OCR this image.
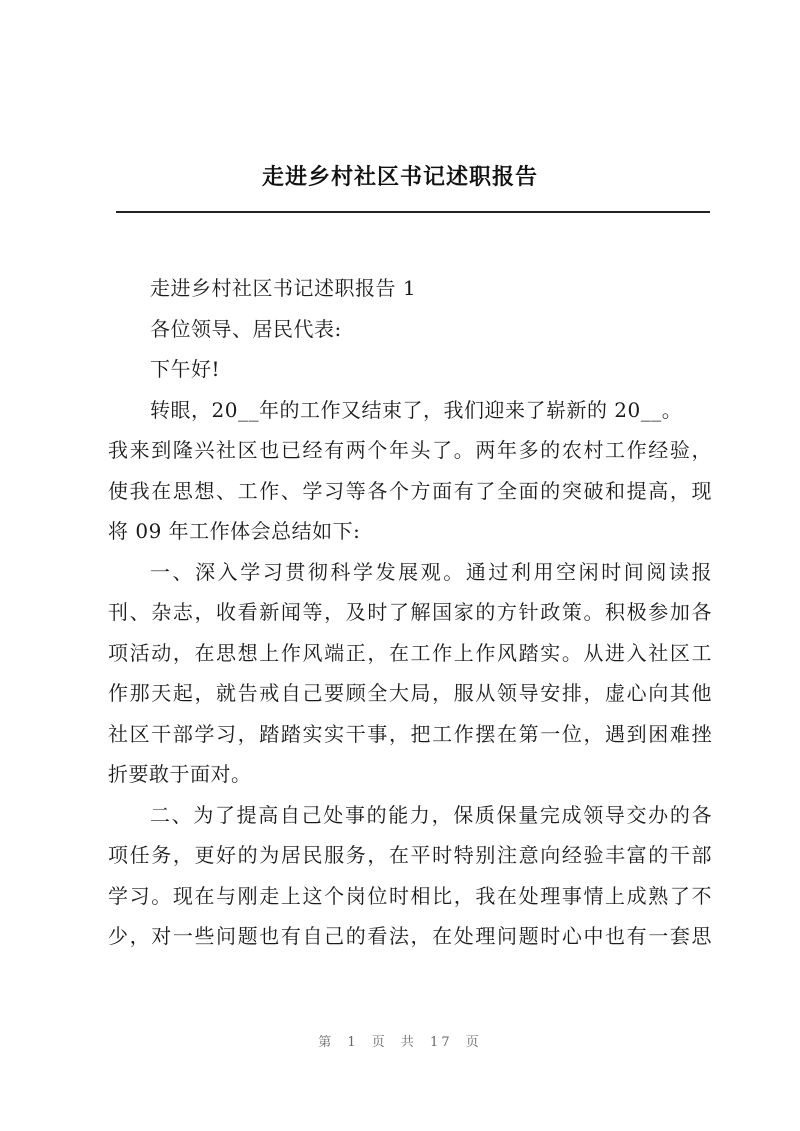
走进乡村社区书记述职报告
走进乡村社区书记述职报告 1
各位领导、居民代表:
下午好!
转眼，20__年的工作又结束了，我们迎来了崭新的 20__。
我来到隆兴社区也已经有两个年头了。两年多的农村工作经验，
使我在思想、工作、学习等各个方面有了全面的突破和提高，现
将 09 年工作体会总结如下:
一、深入学习贯彻科学发展观。通过利用空闲时间阅读报
刊、杂志，收看新闻等，及时了解国家的方针政策。积极参加各
项活动，在思想上作风端正，在工作上作风踏实。从进入社区工
作那天起，就告戒自己要顾全大局，服从领导安排，虚心向其他
社区干部学习，踏踏实实干事，把工作摆在第一位，遇到困难挫
折要敢于面对。
二、为了提高自己处事的能力，保质保量完成领导交办的各
项任务，更好的为居民服务，在平时特别注意向经验丰富的干部
学习。现在与刚走上这个岗位时相比，我在处理事情上成熟了不
少，对一些问题也有自己的看法，在处理问题时心中也有一套思
第 1 页 共 17 页
